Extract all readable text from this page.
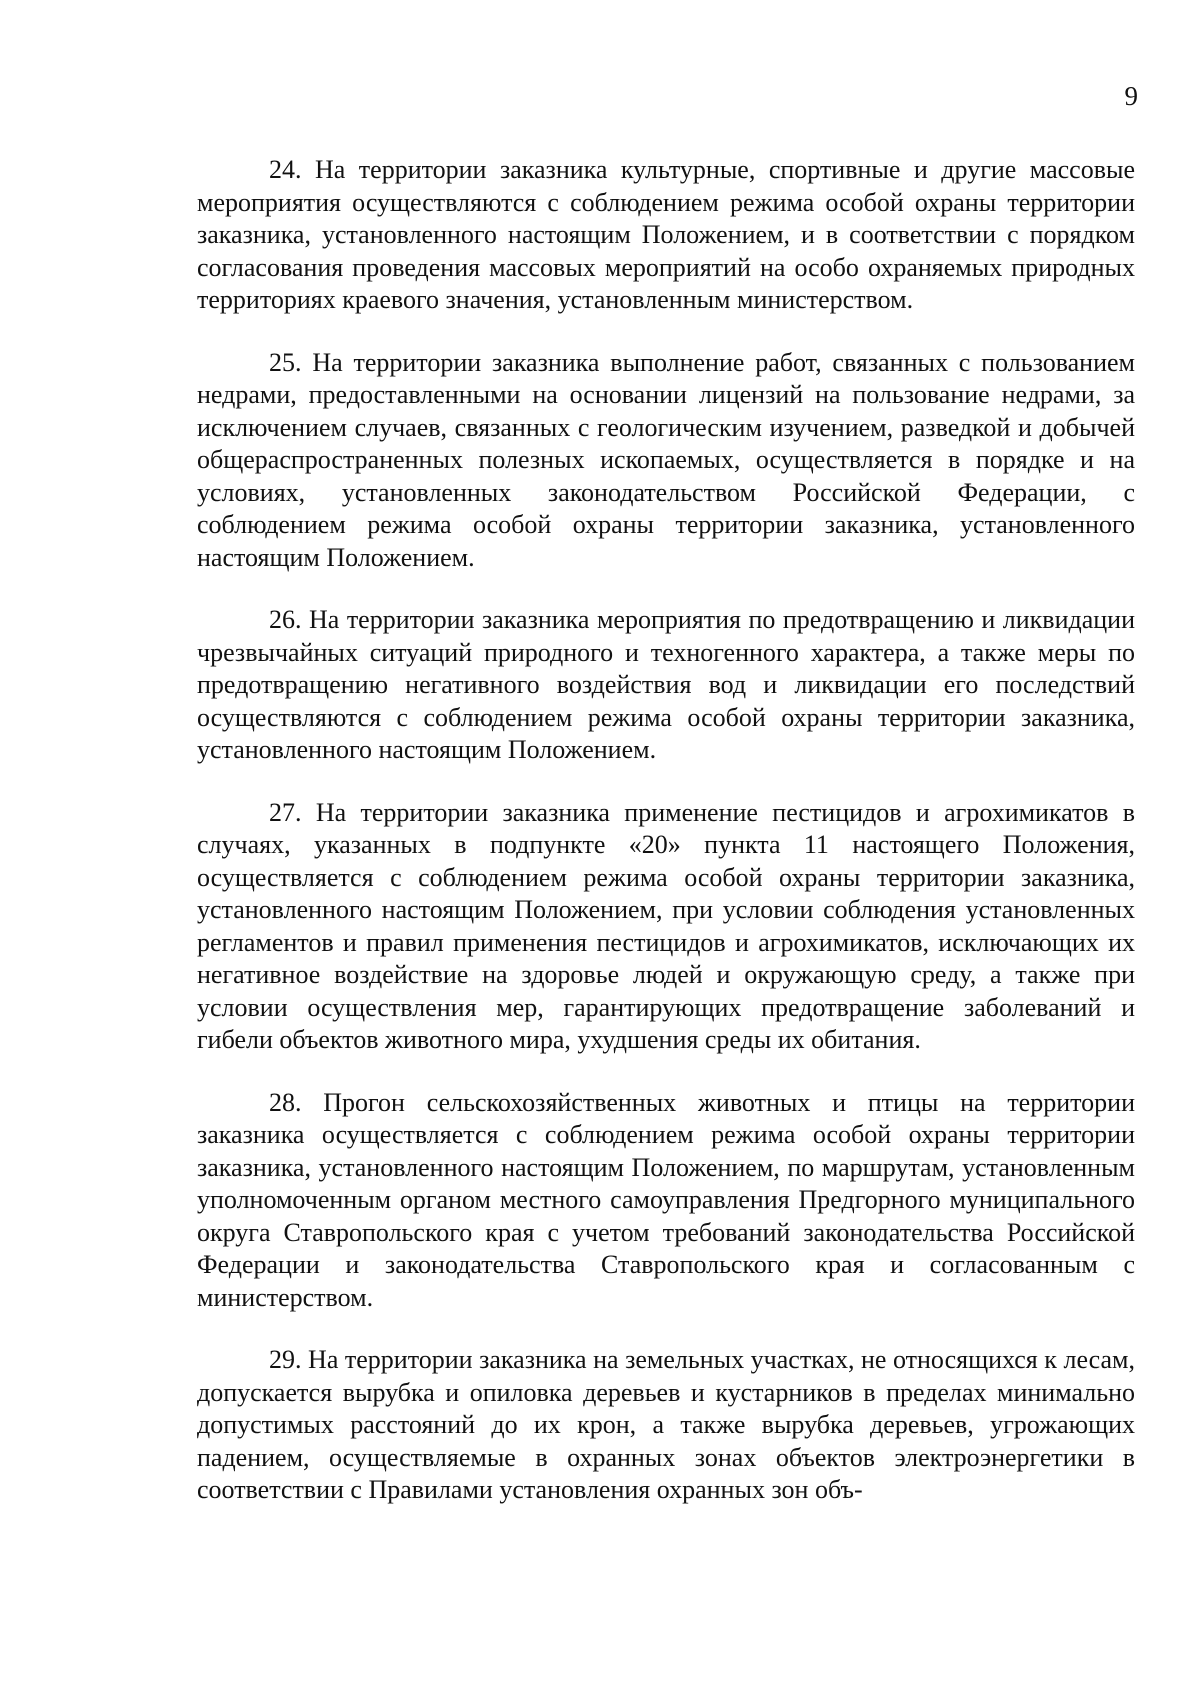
9

24. На территории заказника культурные, спортивные и другие массовые мероприятия осуществляются с соблюдением режима особой охраны территории заказника, установленного настоящим Положением, и в соответствии с порядком согласования проведения массовых мероприятий на особо охраняемых природных территориях краевого значения, установленным министерством.

25. На территории заказника выполнение работ, связанных с пользованием недрами, предоставленными на основании лицензий на пользование недрами, за исключением случаев, связанных с геологическим изучением, разведкой и добычей общераспространенных полезных ископаемых, осуществляется в порядке и на условиях, установленных законодательством Российской Федерации, с соблюдением режима особой охраны территории заказника, установленного настоящим Положением.

26. На территории заказника мероприятия по предотвращению и ликвидации чрезвычайных ситуаций природного и техногенного характера, а также меры по предотвращению негативного воздействия вод и ликвидации его последствий осуществляются с соблюдением режима особой охраны территории заказника, установленного настоящим Положением.

27. На территории заказника применение пестицидов и агрохимикатов в случаях, указанных в подпункте «20» пункта 11 настоящего Положения, осуществляется с соблюдением режима особой охраны территории заказника, установленного настоящим Положением, при условии соблюдения установленных регламентов и правил применения пестицидов и агрохимикатов, исключающих их негативное воздействие на здоровье людей и окружающую среду, а также при условии осуществления мер, гарантирующих предотвращение заболеваний и гибели объектов животного мира, ухудшения среды их обитания.

28. Прогон сельскохозяйственных животных и птицы на территории заказника осуществляется с соблюдением режима особой охраны территории заказника, установленного настоящим Положением, по маршрутам, установленным уполномоченным органом местного самоуправления Предгорного муниципального округа Ставропольского края с учетом требований законодательства Российской Федерации и законодательства Ставропольского края и согласованным с министерством.

29. На территории заказника на земельных участках, не относящихся к лесам, допускается вырубка и опиловка деревьев и кустарников в пределах минимально допустимых расстояний до их крон, а также вырубка деревьев, угрожающих падением, осуществляемые в охранных зонах объектов электроэнергетики в соответствии с Правилами установления охранных зон объ-
